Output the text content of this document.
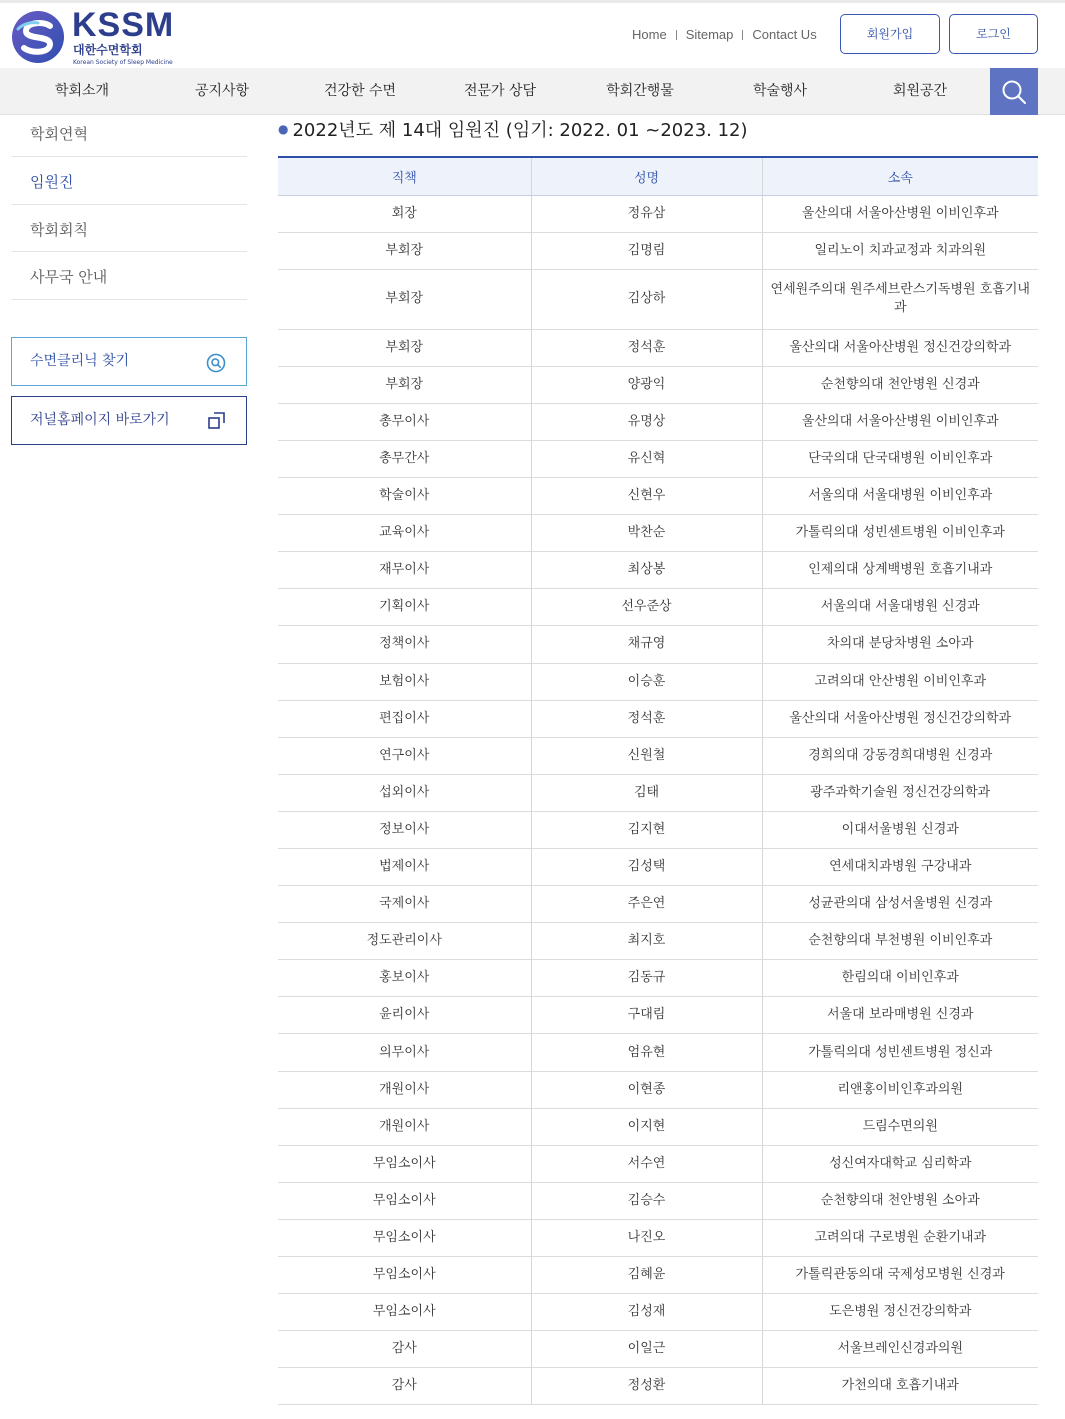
KSSM
대한수면학회
Korean Society of Sleep Medicine
Home Sitemap Contact Us	회원가입	로그인
학회소개	공지사항	건강한 수면	전문가 상담	학회간행물	학술행사	회원공간
학회연혁
임원진
학회회칙
사무국 안내
수면클리닉 찾기
저널홈페이지 바로가기
● 2022년도 제 14대 임원진 (임기: 2022. 01 ~2023. 12)
직책	성명	소속
회장	정유삼	울산의대 서울아산병원 이비인후과
부회장	김명림	일리노이 치과교정과 치과의원
부회장	김상하	연세원주의대 원주세브란스기독병원 호흡기내과
부회장	정석훈	울산의대 서울아산병원 정신건강의학과
부회장	양광익	순천향의대 천안병원 신경과
총무이사	유명상	울산의대 서울아산병원 이비인후과
총무간사	유신혁	단국의대 단국대병원 이비인후과
학술이사	신현우	서울의대 서울대병원 이비인후과
교육이사	박찬순	가톨릭의대 성빈센트병원 이비인후과
재무이사	최상봉	인제의대 상계백병원 호흡기내과
기획이사	선우준상	서울의대 서울대병원 신경과
정책이사	채규영	차의대 분당차병원 소아과
보험이사	이승훈	고려의대 안산병원 이비인후과
편집이사	정석훈	울산의대 서울아산병원 정신건강의학과
연구이사	신원철	경희의대 강동경희대병원 신경과
섭외이사	김태	광주과학기술원 정신건강의학과
정보이사	김지현	이대서울병원 신경과
법제이사	김성택	연세대치과병원 구강내과
국제이사	주은연	성균관의대 삼성서울병원 신경과
정도관리이사	최지호	순천향의대 부천병원 이비인후과
홍보이사	김동규	한림의대 이비인후과
윤리이사	구대림	서울대 보라매병원 신경과
의무이사	엄유현	가톨릭의대 성빈센트병원 정신과
개원이사	이현종	리앤홍이비인후과의원
개원이사	이지현	드림수면의원
무임소이사	서수연	성신여자대학교 심리학과
무임소이사	김승수	순천향의대 천안병원 소아과
무임소이사	나진오	고려의대 구로병원 순환기내과
무임소이사	김혜윤	가톨릭관동의대 국제성모병원 신경과
무임소이사	김성재	도은병원 정신건강의학과
감사	이일근	서울브레인신경과의원
감사	정성환	가천의대 호흡기내과
